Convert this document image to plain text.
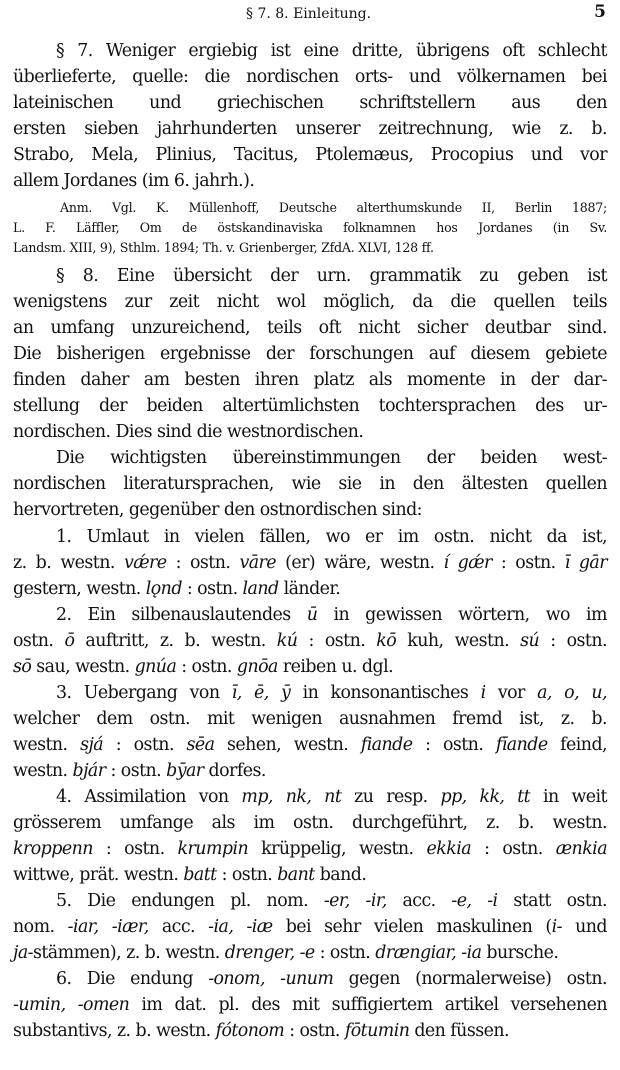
§ 7. 8. Einleitung.	5
§ 7. Weniger ergiebig ist eine dritte, übrigens oft schlecht
überlieferte, quelle: die nordischen orts- und völkernamen bei
lateinischen und griechischen schriftstellern aus den
ersten sieben jahrhunderten unserer zeitrechnung, wie z. b.
Strabo, Mela, Plinius, Tacitus, Ptolemæus, Procopius und vor
allem Jordanes (im 6. jahrh.).
Anm. Vgl. K. Müllenhoff, Deutsche alterthumskunde II, Berlin 1887;
L. F. Läffler, Om de östskandinaviska folknamnen hos Jordanes (in Sv.
Landsm. XIII, 9), Sthlm. 1894; Th. v. Grienberger, ZfdA. XLVI, 128 ff.
§ 8. Eine übersicht der urn. grammatik zu geben ist
wenigstens zur zeit nicht wol möglich, da die quellen teils
an umfang unzureichend, teils oft nicht sicher deutbar sind.
Die bisherigen ergebnisse der forschungen auf diesem gebiete
finden daher am besten ihren platz als momente in der dar-
stellung der beiden altertümlichsten tochtersprachen des ur-
nordischen. Dies sind die westnordischen.
Die wichtigsten übereinstimmungen der beiden west-
nordischen literatursprachen, wie sie in den ältesten quellen
hervortreten, gegenüber den ostnordischen sind:
1. Umlaut in vielen fällen, wo er im ostn. nicht da ist,
z. b. westn. vǽre : ostn. vāre (er) wäre, westn. í gǽr : ostn. ī gār
gestern, westn. lǫnd : ostn. land länder.
2. Ein silbenauslautendes ū in gewissen wörtern, wo im
ostn. ō auftritt, z. b. westn. kú : ostn. kō kuh, westn. sú : ostn.
sō sau, westn. gnúa : ostn. gnōa reiben u. dgl.
3. Uebergang von ī, ē, ȳ in konsonantisches i vor a, o, u,
welcher dem ostn. mit wenigen ausnahmen fremd ist, z. b.
westn. sjá : ostn. sēa sehen, westn. fiande : ostn. fīande feind,
westn. bjár : ostn. bȳar dorfes.
4. Assimilation von mp, nk, nt zu resp. pp, kk, tt in weit
grösserem umfange als im ostn. durchgeführt, z. b. westn.
kroppenn : ostn. krumpin krüppelig, westn. ekkia : ostn. ænkia
wittwe, prät. westn. batt : ostn. bant band.
5. Die endungen pl. nom. -er, -ir, acc. -e, -i statt ostn.
nom. -iar, -iær, acc. -ia, -iæ bei sehr vielen maskulinen (i- und
ja-stämmen), z. b. westn. drenger, -e : ostn. drængiar, -ia bursche.
6. Die endung -onom, -unum gegen (normalerweise) ostn.
-umin, -omen im dat. pl. des mit suffigiertem artikel versehenen
substantivs, z. b. westn. fótonom : ostn. fōtumin den füssen.
